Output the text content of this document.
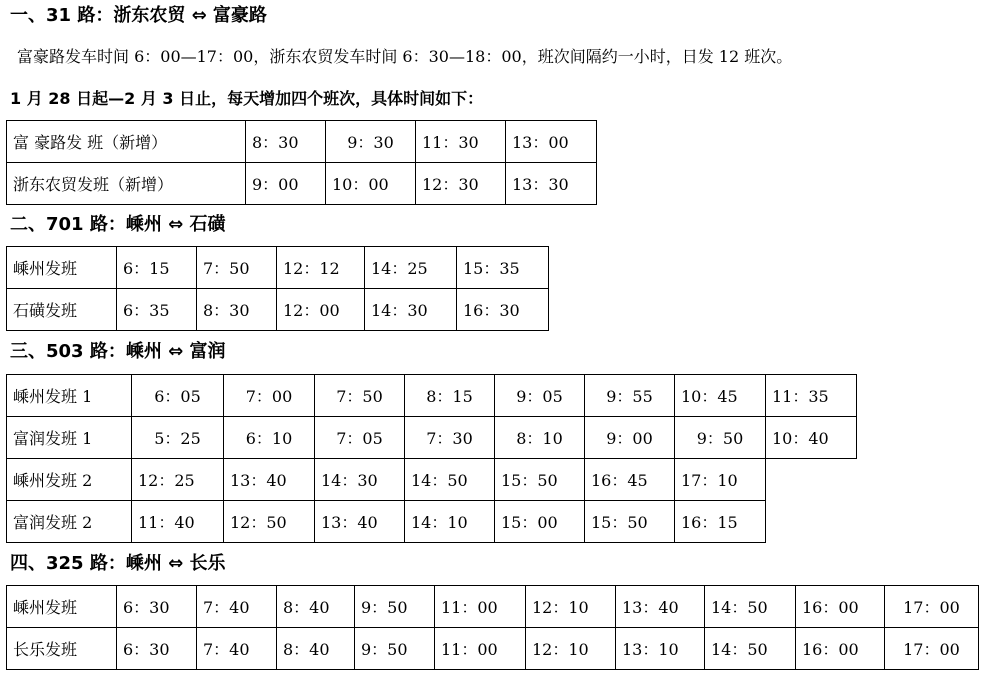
一、31 路：浙东农贸 ⇔ 富豪路
富豪路发车时间 6：00—17：00，浙东农贸发车时间 6：30—18：00，班次间隔约一小时，日发 12 班次。
1 月 28 日起—2 月 3 日止，每天增加四个班次，具体时间如下：
富 豪路发 班（新增）	8：30	9：30	11：30	13：00
浙东农贸发班（新增）	9：00	10：00	12：30	13：30
二、701 路：嵊州 ⇔ 石磺
嵊州发班	6：15	7：50	12：12	14：25	15：35
石磺发班	6：35	8：30	12：00	14：30	16：30
三、503 路：嵊州 ⇔ 富润
嵊州发班 1	6：05	7：00	7：50	8：15	9：05	9：55	10：45	11：35
富润发班 1	5：25	6：10	7：05	7：30	8：10	9：00	9：50	10：40
嵊州发班 2	12：25	13：40	14：30	14：50	15：50	16：45	17：10
富润发班 2	11：40	12：50	13：40	14：10	15：00	15：50	16：15
四、325 路：嵊州 ⇔ 长乐
嵊州发班	6：30	7：40	8：40	9：50	11：00	12：10	13：40	14：50	16：00	17：00
长乐发班	6：30	7：40	8：40	9：50	11：00	12：10	13：10	14：50	16：00	17：00
